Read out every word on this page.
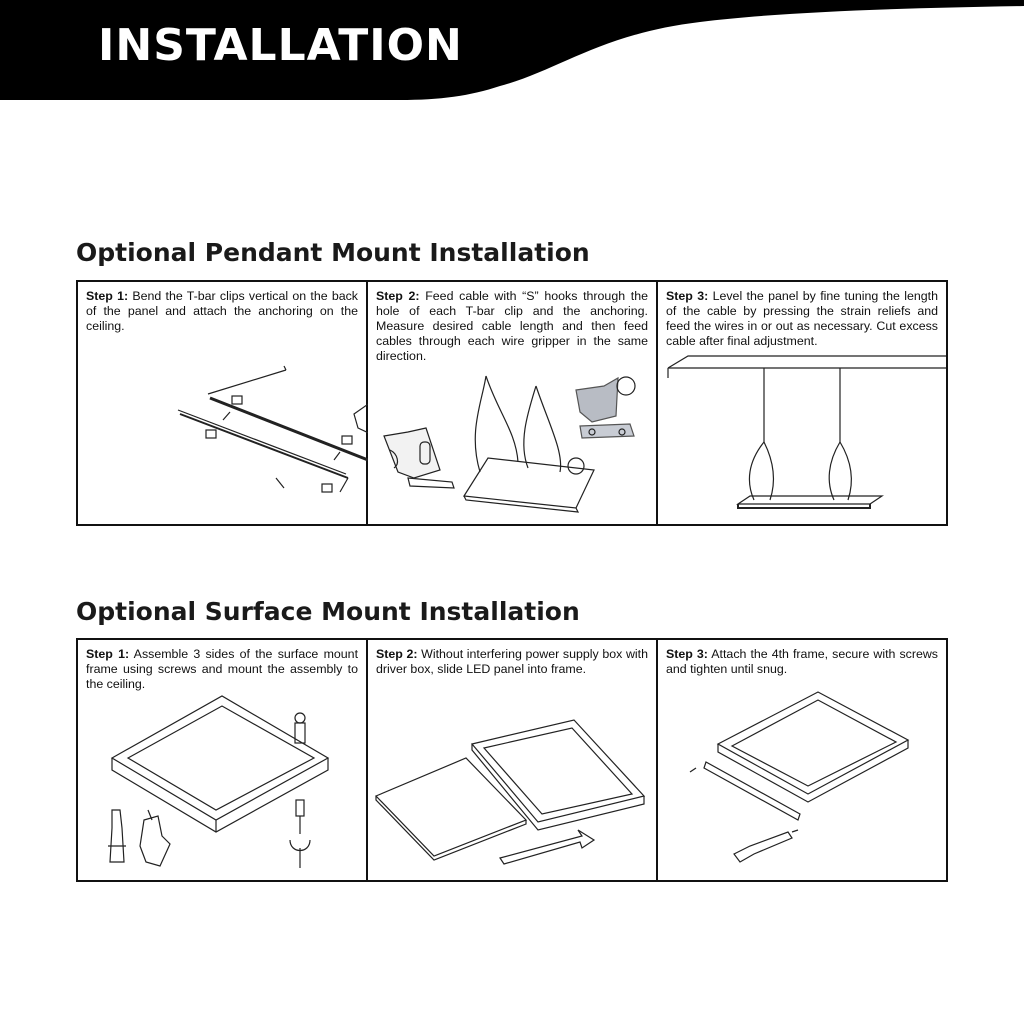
INSTALLATION
Optional Pendant Mount Installation
Step 1: Bend the T-bar clips vertical on the back of the panel and attach the anchoring on the ceiling.
Step 2: Feed cable with “S” hooks through the hole of each T-bar clip and the anchoring. Measure desired cable length and then feed cables through each wire gripper in the same direction.
Step 3: Level the panel by fine tuning the length of the cable by pressing the strain reliefs and feed the wires in or out as necessary. Cut excess cable after final adjustment.
Optional Surface Mount Installation
Step 1: Assemble 3 sides of the surface mount frame using screws and mount the assembly to the ceiling.
Step 2: Without interfering power supply box with driver box, slide LED panel into frame.
Step 3: Attach the 4th frame, secure with screws and tighten until snug.
